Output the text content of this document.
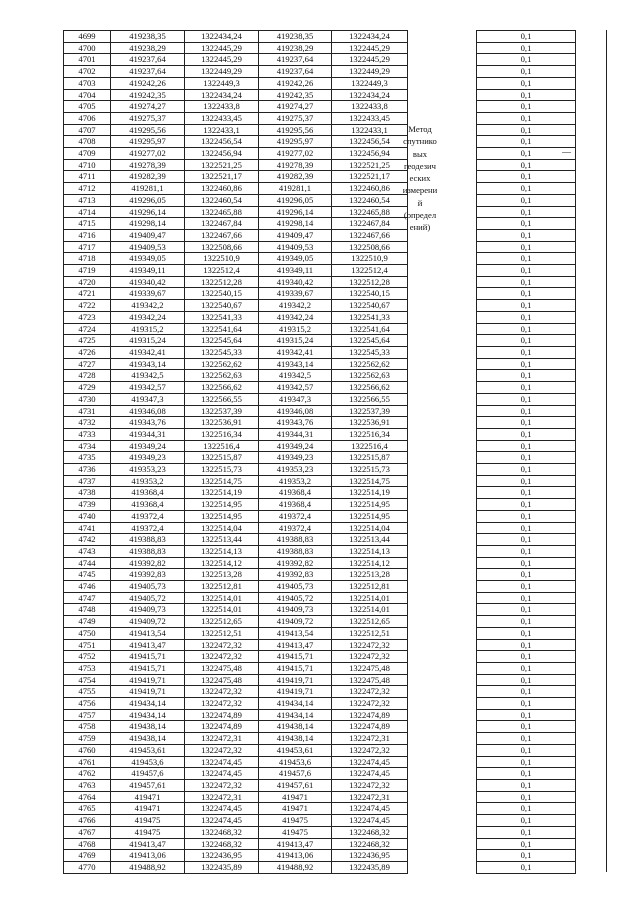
4699	419238,35	1322434,24	419238,35	1322434,24		0,1
4700	419238,29	1322445,29	419238,29	1322445,29		0,1
4701	419237,64	1322445,29	419237,64	1322445,29		0,1
4702	419237,64	1322449,29	419237,64	1322449,29		0,1
4703	419242,26	1322449,3	419242,26	1322449,3		0,1
4704	419242,35	1322434,24	419242,35	1322434,24		0,1
4705	419274,27	1322433,8	419274,27	1322433,8		0,1
4706	419275,37	1322433,45	419275,37	1322433,45		0,1
4707	419295,56	1322433,1	419295,56	1322433,1		0,1
4708	419295,97	1322456,54	419295,97	1322456,54		0,1
4709	419277,02	1322456,94	419277,02	1322456,94		0,1
4710	419278,39	1322521,25	419278,39	1322521,25		0,1
4711	419282,39	1322521,17	419282,39	1322521,17		0,1
4712	419281,1	1322460,86	419281,1	1322460,86		0,1
4713	419296,05	1322460,54	419296,05	1322460,54		0,1
4714	419296,14	1322465,88	419296,14	1322465,88		0,1
4715	419298,14	1322467,84	419298,14	1322467,84		0,1
4716	419409,47	1322467,66	419409,47	1322467,66		0,1
4717	419409,53	1322508,66	419409,53	1322508,66		0,1
4718	419349,05	1322510,9	419349,05	1322510,9		0,1
4719	419349,11	1322512,4	419349,11	1322512,4		0,1
4720	419340,42	1322512,28	419340,42	1322512,28		0,1
4721	419339,67	1322540,15	419339,67	1322540,15		0,1
4722	419342,2	1322540,67	419342,2	1322540,67		0,1
4723	419342,24	1322541,33	419342,24	1322541,33		0,1
4724	419315,2	1322541,64	419315,2	1322541,64		0,1
4725	419315,24	1322545,64	419315,24	1322545,64		0,1
4726	419342,41	1322545,33	419342,41	1322545,33		0,1
4727	419343,14	1322562,62	419343,14	1322562,62		0,1
4728	419342,5	1322562,63	419342,5	1322562,63		0,1
4729	419342,57	1322566,62	419342,57	1322566,62		0,1
4730	419347,3	1322566,55	419347,3	1322566,55		0,1
4731	419346,08	1322537,39	419346,08	1322537,39		0,1
4732	419343,76	1322536,91	419343,76	1322536,91		0,1
4733	419344,31	1322516,34	419344,31	1322516,34		0,1
4734	419349,24	1322516,4	419349,24	1322516,4		0,1
4735	419349,23	1322515,87	419349,23	1322515,87		0,1
4736	419353,23	1322515,73	419353,23	1322515,73		0,1
4737	419353,2	1322514,75	419353,2	1322514,75		0,1
4738	419368,4	1322514,19	419368,4	1322514,19		0,1
4739	419368,4	1322514,95	419368,4	1322514,95		0,1
4740	419372,4	1322514,95	419372,4	1322514,95		0,1
4741	419372,4	1322514,04	419372,4	1322514,04		0,1
4742	419388,83	1322513,44	419388,83	1322513,44		0,1
4743	419388,83	1322514,13	419388,83	1322514,13		0,1
4744	419392,82	1322514,12	419392,82	1322514,12		0,1
4745	419392,83	1322513,28	419392,83	1322513,28		0,1
4746	419405,73	1322512,81	419405,73	1322512,81		0,1
4747	419405,72	1322514,01	419405,72	1322514,01		0,1
4748	419409,73	1322514,01	419409,73	1322514,01		0,1
4749	419409,72	1322512,65	419409,72	1322512,65		0,1
4750	419413,54	1322512,51	419413,54	1322512,51		0,1
4751	419413,47	1322472,32	419413,47	1322472,32		0,1
4752	419415,71	1322472,32	419415,71	1322472,32		0,1
4753	419415,71	1322475,48	419415,71	1322475,48		0,1
4754	419419,71	1322475,48	419419,71	1322475,48		0,1
4755	419419,71	1322472,32	419419,71	1322472,32		0,1
4756	419434,14	1322472,32	419434,14	1322472,32		0,1
4757	419434,14	1322474,89	419434,14	1322474,89		0,1
4758	419438,14	1322474,89	419438,14	1322474,89		0,1
4759	419438,14	1322472,31	419438,14	1322472,31		0,1
4760	419453,61	1322472,32	419453,61	1322472,32		0,1
4761	419453,6	1322474,45	419453,6	1322474,45		0,1
4762	419457,6	1322474,45	419457,6	1322474,45		0,1
4763	419457,61	1322472,32	419457,61	1322472,32		0,1
4764	419471	1322472,31	419471	1322472,31		0,1
4765	419471	1322474,45	419471	1322474,45		0,1
4766	419475	1322474,45	419475	1322474,45		0,1
4767	419475	1322468,32	419475	1322468,32		0,1
4768	419413,47	1322468,32	419413,47	1322468,32		0,1
4769	419413,06	1322436,95	419413,06	1322436,95		0,1
4770	419488,92	1322435,89	419488,92	1322435,89		0,1
Метод спутнико вых геодезич еских измерени й (определ ений)
—
